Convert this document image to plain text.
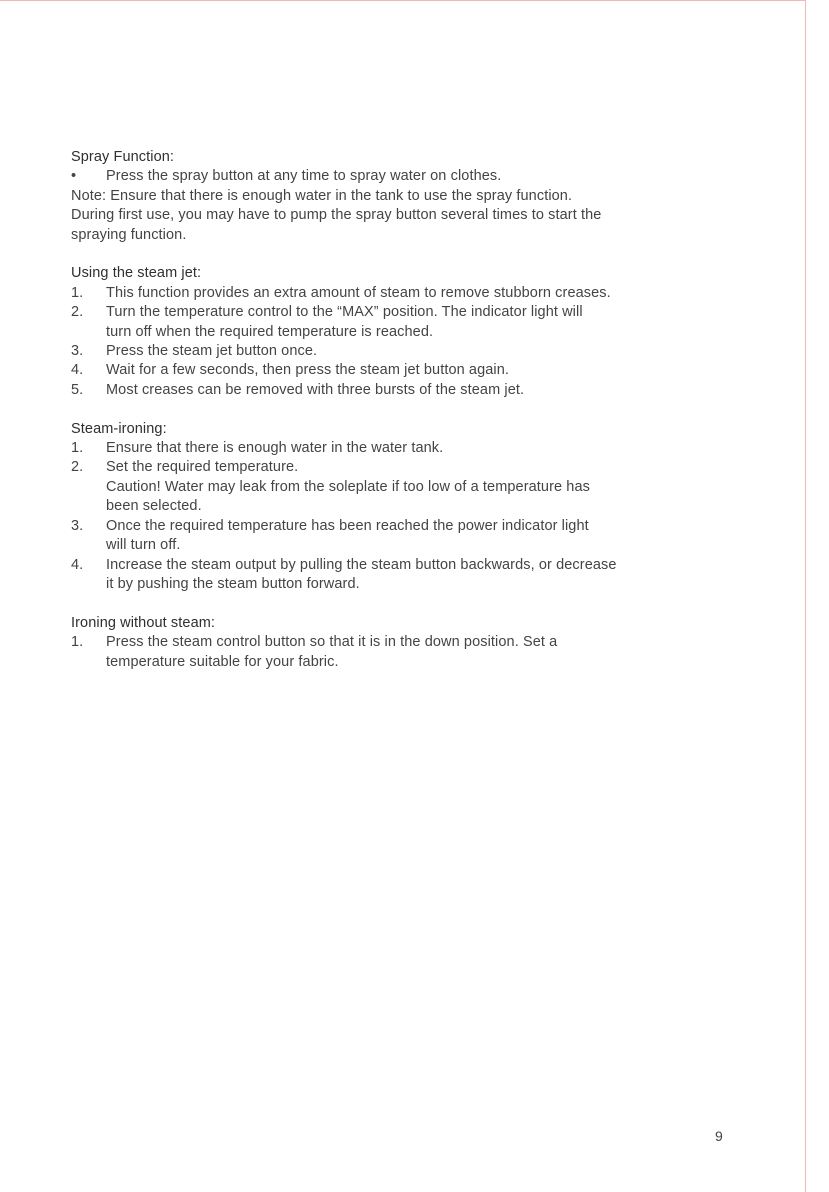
Spray Function:

•	Press the spray button at any time to spray water on clothes.

Note: Ensure that there is enough water in the tank to use the spray function.

During first use, you may have to pump the spray button several times to start the

spraying function.

Using the steam jet:

1.	This function provides an extra amount of steam to remove stubborn creases.
2.	Turn the temperature control to the “MAX” position. The indicator light will
turn off when the required temperature is reached.
3.	Press the steam jet button once.
4.	Wait for a few seconds, then press the steam jet button again.
5.	Most creases can be removed with three bursts of the steam jet.

Steam-ironing:

1.	Ensure that there is enough water in the water tank.
2.	Set the required temperature.
Caution! Water may leak from the soleplate if too low of a temperature has
been selected.
3.	Once the required temperature has been reached the power indicator light
will turn off.
4.	Increase the steam output by pulling the steam button backwards, or decrease
it by pushing the steam button forward.

Ironing without steam:

1.	Press the steam control button so that it is in the down position. Set a
temperature suitable for your fabric.
9
